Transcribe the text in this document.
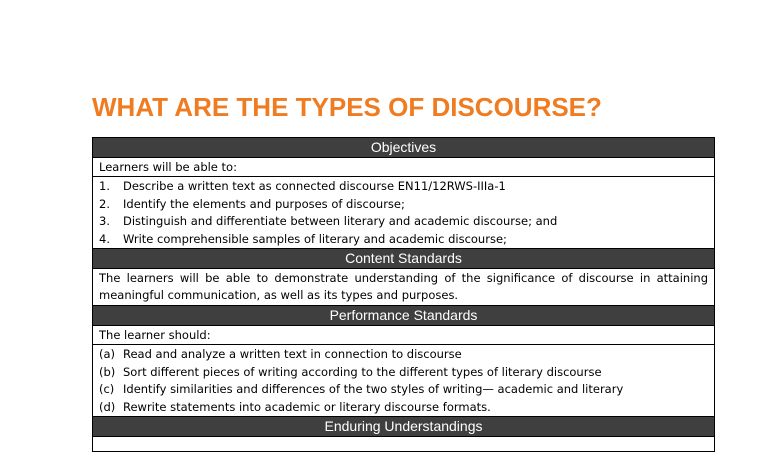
WHAT ARE THE TYPES OF DISCOURSE?
Objectives
Learners will be able to:

1. Describe a written text as connected discourse EN11/12RWS-IIIa-1
2. Identify the elements and purposes of discourse;
3. Distinguish and differentiate between literary and academic discourse; and
4. Write comprehensible samples of literary and academic discourse;

Content Standards

The learners will be able to demonstrate understanding of the significance of discourse in attaining meaningful communication, as well as its types and purposes.

Performance Standards
The learner should:

(a) Read and analyze a written text in connection to discourse
(b) Sort different pieces of writing according to the different types of literary discourse
(c) Identify similarities and differences of the two styles of writing— academic and literary
(d) Rewrite statements into academic or literary discourse formats.

Enduring Understandings
